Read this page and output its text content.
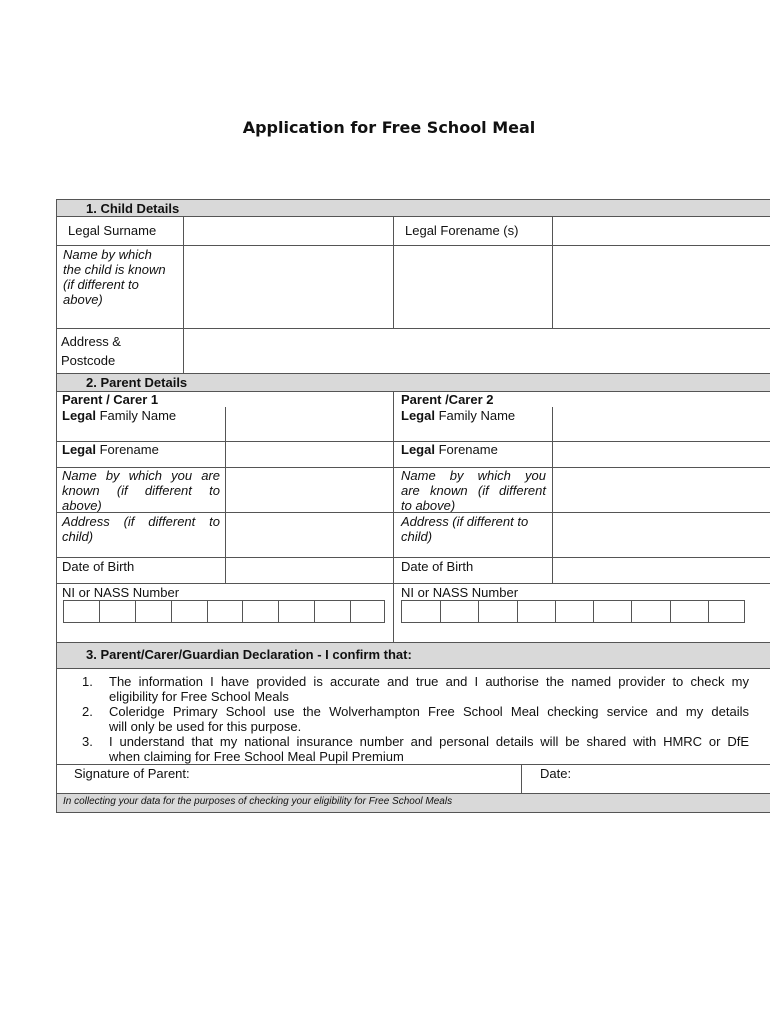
Application for Free School Meal
1. Child Details
Legal Surname	Legal Forename (s)
Name by which
the child is known
(if different to
above)
Address &
Postcode
2. Parent Details
Parent / Carer 1
Legal Family Name
Legal Forename
Name by which you are
known (if different to
above)
Address (if different to
child)
Date of Birth
NI or NASS Number
Parent /Carer 2
Legal Family Name
Legal Forename
Name by which you
are known (if different
to above)
Address (if different to
child)
Date of Birth
NI or NASS Number
3. Parent/Carer/Guardian Declaration - I confirm that:
1. The information I have provided is accurate and true and I authorise the named provider to check my
eligibility for Free School Meals
2. Coleridge Primary School use the Wolverhampton Free School Meal checking service and my details
will only be used for this purpose.
3. I understand that my national insurance number and personal details will be shared with HMRC or DfE
when claiming for Free School Meal Pupil Premium
Signature of Parent:	Date:
In collecting your data for the purposes of checking your eligibility for Free School Meals
